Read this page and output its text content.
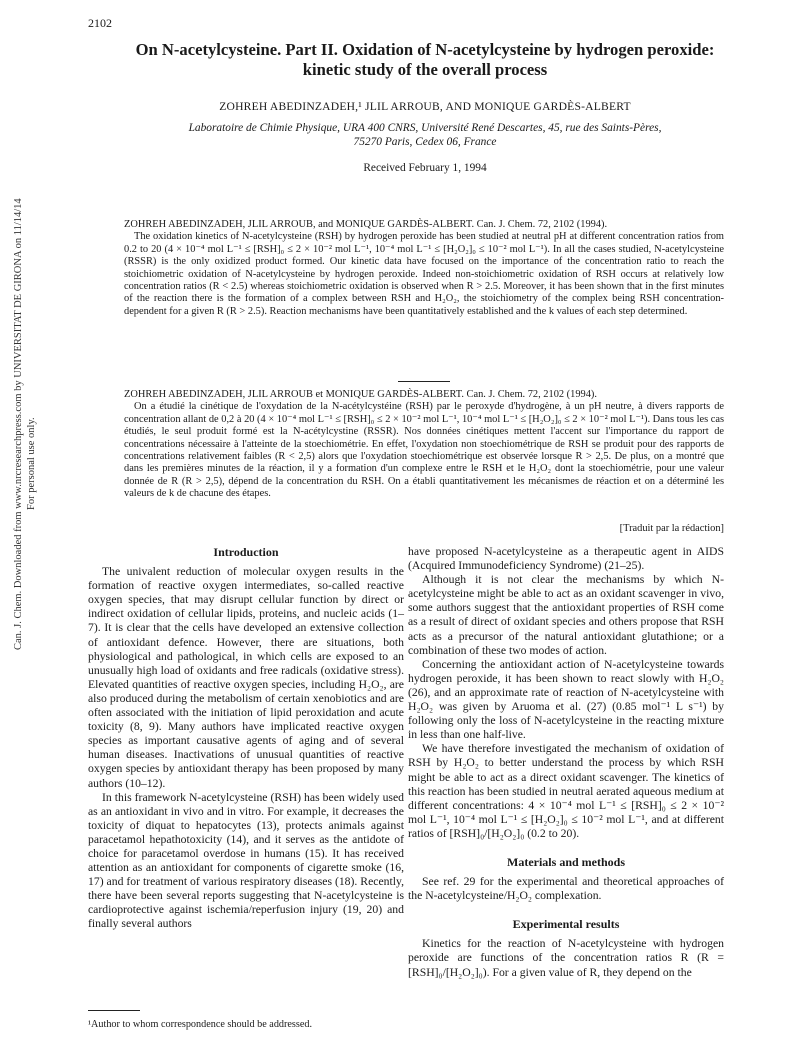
2102
Can. J. Chem. Downloaded from www.nrcresearchpress.com by UNIVERSITAT DE GIRONA on 11/14/14 For personal use only.
On N-acetylcysteine. Part II. Oxidation of N-acetylcysteine by hydrogen peroxide:
kinetic study of the overall process
ZOHREH ABEDINZADEH,¹ JLIL ARROUB, AND MONIQUE GARDÈS-ALBERT
Laboratoire de Chimie Physique, URA 400 CNRS, Université René Descartes, 45, rue des Saints-Pères,
75270 Paris, Cedex 06, France
Received February 1, 1994
ZOHREH ABEDINZADEH, JLIL ARROUB, and MONIQUE GARDÈS-ALBERT. Can. J. Chem. 72, 2102 (1994).

The oxidation kinetics of N-acetylcysteine (RSH) by hydrogen peroxide has been studied at neutral pH at different concentration ratios from 0.2 to 20 (4 × 10⁻⁴ mol L⁻¹ ≤ [RSH]₀ ≤ 2 × 10⁻² mol L⁻¹, 10⁻⁴ mol L⁻¹ ≤ [H₂O₂]₀ ≤ 10⁻² mol L⁻¹). In all the cases studied, N-acetylcysteine (RSSR) is the only oxidized product formed. Our kinetic data have focused on the importance of the concentration ratio to reach the stoichiometric oxidation of N-acetylcysteine by hydrogen peroxide. Indeed non-stoichiometric oxidation of RSH occurs at relatively low concentration ratios (R < 2.5) whereas stoichiometric oxidation is observed when R > 2.5. Moreover, it has been shown that in the first minutes of the reaction there is the formation of a complex between RSH and H₂O₂, the stoichiometry of the complex being RSH concentration-dependent for a given R (R > 2.5). Reaction mechanisms have been quantitatively established and the k values of each step determined.

ZOHREH ABEDINZADEH, JLIL ARROUB et MONIQUE GARDÈS-ALBERT. Can. J. Chem. 72, 2102 (1994).

On a étudié la cinétique de l'oxydation de la N-acétylcystéine (RSH) par le peroxyde d'hydrogène, à un pH neutre, à divers rapports de concentration allant de 0,2 à 20 (4 × 10⁻⁴ mol L⁻¹ ≤ [RSH]₀ ≤ 2 × 10⁻² mol L⁻¹, 10⁻⁴ mol L⁻¹ ≤ [H₂O₂]₀ ≤ 2 × 10⁻² mol L⁻¹). Dans tous les cas étudiés, le seul produit formé est la N-acétylcystine (RSSR). Nos données cinétiques mettent l'accent sur l'importance du rapport de concentrations nécessaire à l'atteinte de la stoechiométrie. En effet, l'oxydation non stoechiométrique de RSH se produit pour des rapports de concentrations relativement faibles (R < 2,5) alors que l'oxydation stoechiométrique est observée lorsque R > 2,5. De plus, on a montré que dans les premières minutes de la réaction, il y a formation d'un complexe entre le RSH et le H₂O₂ dont la stoechiométrie, pour une valeur donnée de R (R > 2,5), dépend de la concentration du RSH. On a établi quantitativement les mécanismes de réaction et on a déterminé les valeurs de k de chacune des étapes.

[Traduit par la rédaction]
Introduction

The univalent reduction of molecular oxygen results in the formation of reactive oxygen intermediates, so-called reactive oxygen species, that may disrupt cellular function by direct or indirect oxidation of cellular lipids, proteins, and nucleic acids (1–7). It is clear that the cells have developed an extensive collection of antioxidant defence. However, there are situations, both physiological and pathological, in which cells are exposed to an unusually high load of oxidants and free radicals (oxidative stress). Elevated quantities of reactive oxygen species, including H₂O₂, are also produced during the metabolism of certain xenobiotics and are often associated with the initiation of lipid peroxidation and acute toxicity (8, 9). Many authors have implicated reactive oxygen species as important causative agents of aging and of several human diseases. Inactivations of unusual quantities of reactive oxygen species by antioxidant therapy has been proposed by many authors (10–12).

In this framework N-acetylcysteine (RSH) has been widely used as an antioxidant in vivo and in vitro. For example, it decreases the toxicity of diquat to hepatocytes (13), protects animals against paracetamol hepathotoxicity (14), and it serves as the antidote of choice for paracetamol overdose in humans (15). It has received attention as an antioxidant for components of cigarette smoke (16, 17) and for treatment of various respiratory diseases (18). Recently, there have been several reports suggesting that N-acetylcysteine is cardioprotective against ischemia/reperfusion injury (19, 20) and finally several authors

have proposed N-acetylcysteine as a therapeutic agent in AIDS (Acquired Immunodeficiency Syndrome) (21–25).

Although it is not clear the mechanisms by which N-acetylcysteine might be able to act as an oxidant scavenger in vivo, some authors suggest that the antioxidant properties of RSH come as a result of direct of oxidant species and others propose that RSH acts as a precursor of the natural antioxidant glutathione; or a combination of these two modes of action.

Concerning the antioxidant action of N-acetylcysteine towards hydrogen peroxide, it has been shown to react slowly with H₂O₂ (26), and an approximate rate of reaction of N-acetylcysteine with H₂O₂ was given by Aruoma et al. (27) (0.85 mol⁻¹ L s⁻¹) by following only the loss of N-acetylcysteine in the reacting mixture in less than one half-live.

We have therefore investigated the mechanism of oxidation of RSH by H₂O₂ to better understand the process by which RSH might be able to act as a direct oxidant scavenger. The kinetics of this reaction has been studied in neutral aerated aqueous medium at different concentrations: 4 × 10⁻⁴ mol L⁻¹ ≤ [RSH]₀ ≤ 2 × 10⁻² mol L⁻¹, 10⁻⁴ mol L⁻¹ ≤ [H₂O₂]₀ ≤ 10⁻² mol L⁻¹, and at different ratios of [RSH]₀/[H₂O₂]₀ (0.2 to 20).

Materials and methods

See ref. 29 for the experimental and theoretical approaches of the N-acetylcysteine/H₂O₂ complexation.

Experimental results

Kinetics for the reaction of N-acetylcysteine with hydrogen peroxide are functions of the concentration ratios R (R = [RSH]₀/[H₂O₂]₀). For a given value of R, they depend on the

¹Author to whom correspondence should be addressed.
